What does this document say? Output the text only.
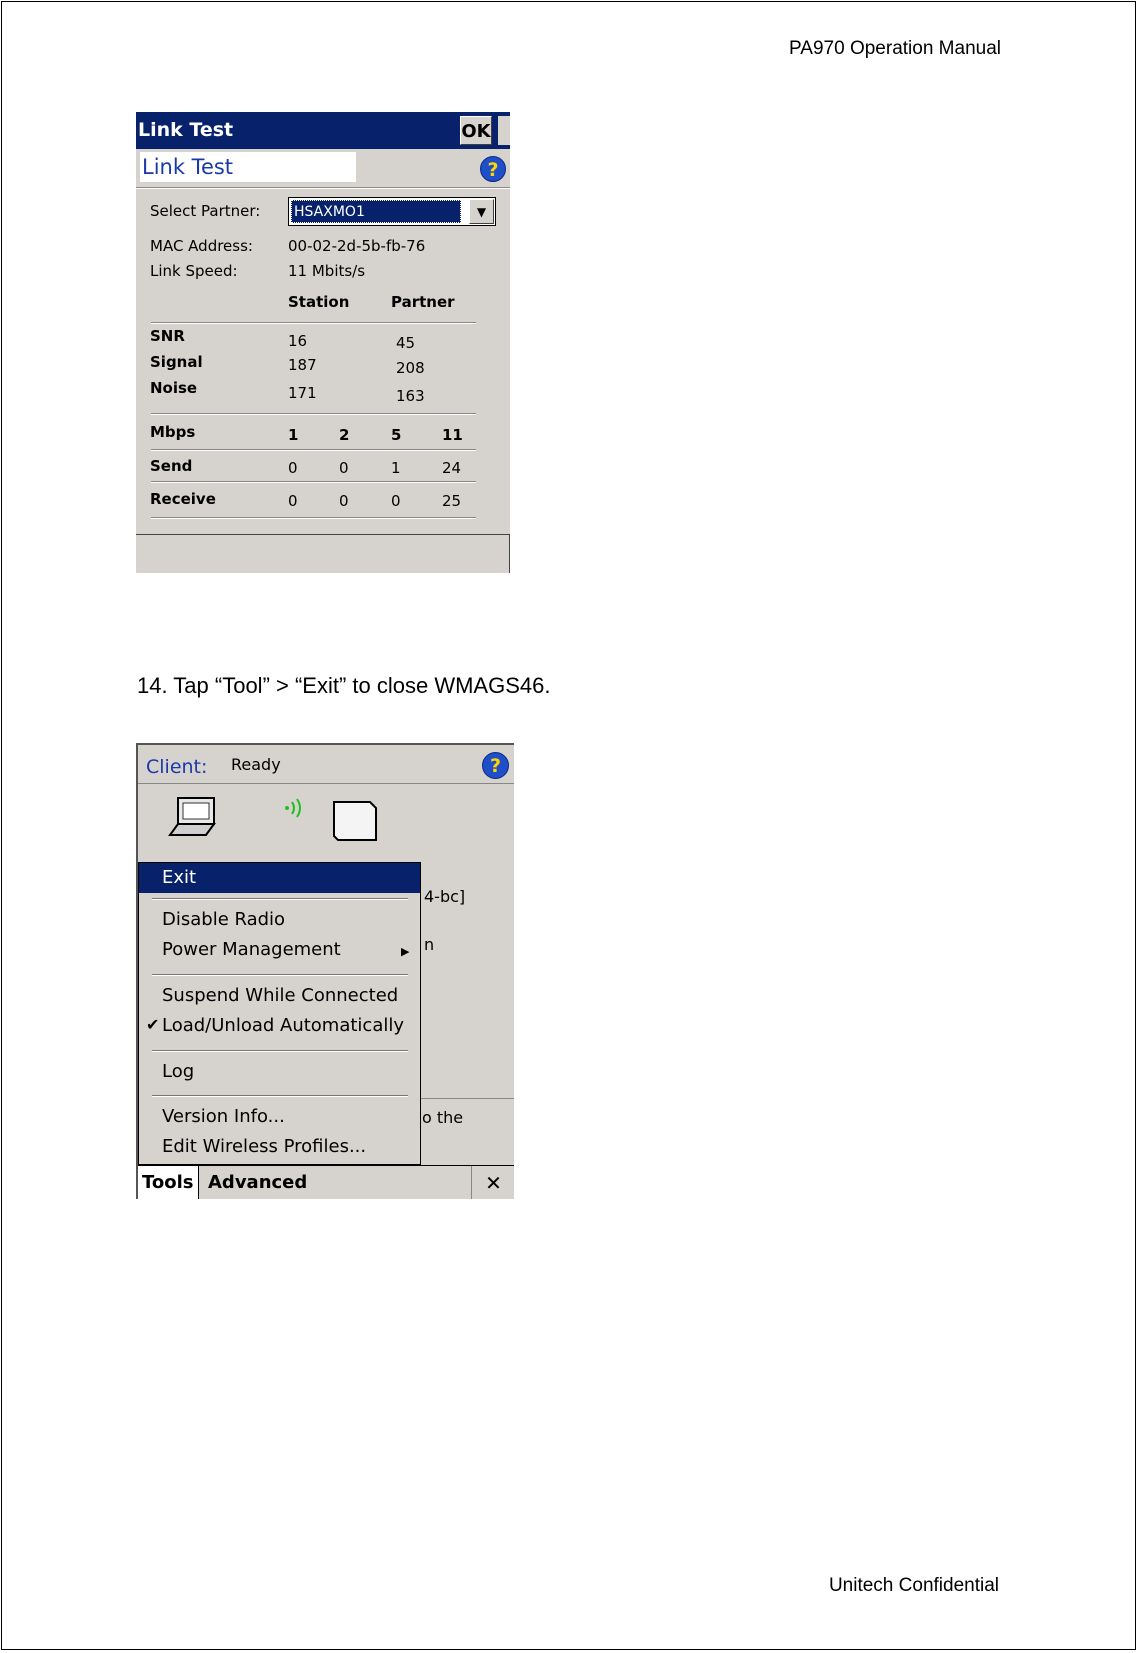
PA970 Operation Manual
Link Test	OK
Link Test	?
Select Partner: HSAXMO1	▼
MAC Address: 00-02-2d-5b-fb-76
Link Speed:	11 Mbits/s
Station	Partner
SNR	16	45
Signal	187	208
Noise	171	163
Mbps	1	2	5	11
Send	0	0	1	24
Receive	0	0	0	25
14. Tap “Tool” > “Exit” to close WMAGS46.
Client: Ready	?
4-bc]
n
o the
Exit
Disable Radio
Power Management	▶
Suspend While Connected
✔ Load/Unload Automatically
Log
Version Info...
Edit Wireless Profiles...
Tools Advanced	✕
Unitech Confidential
